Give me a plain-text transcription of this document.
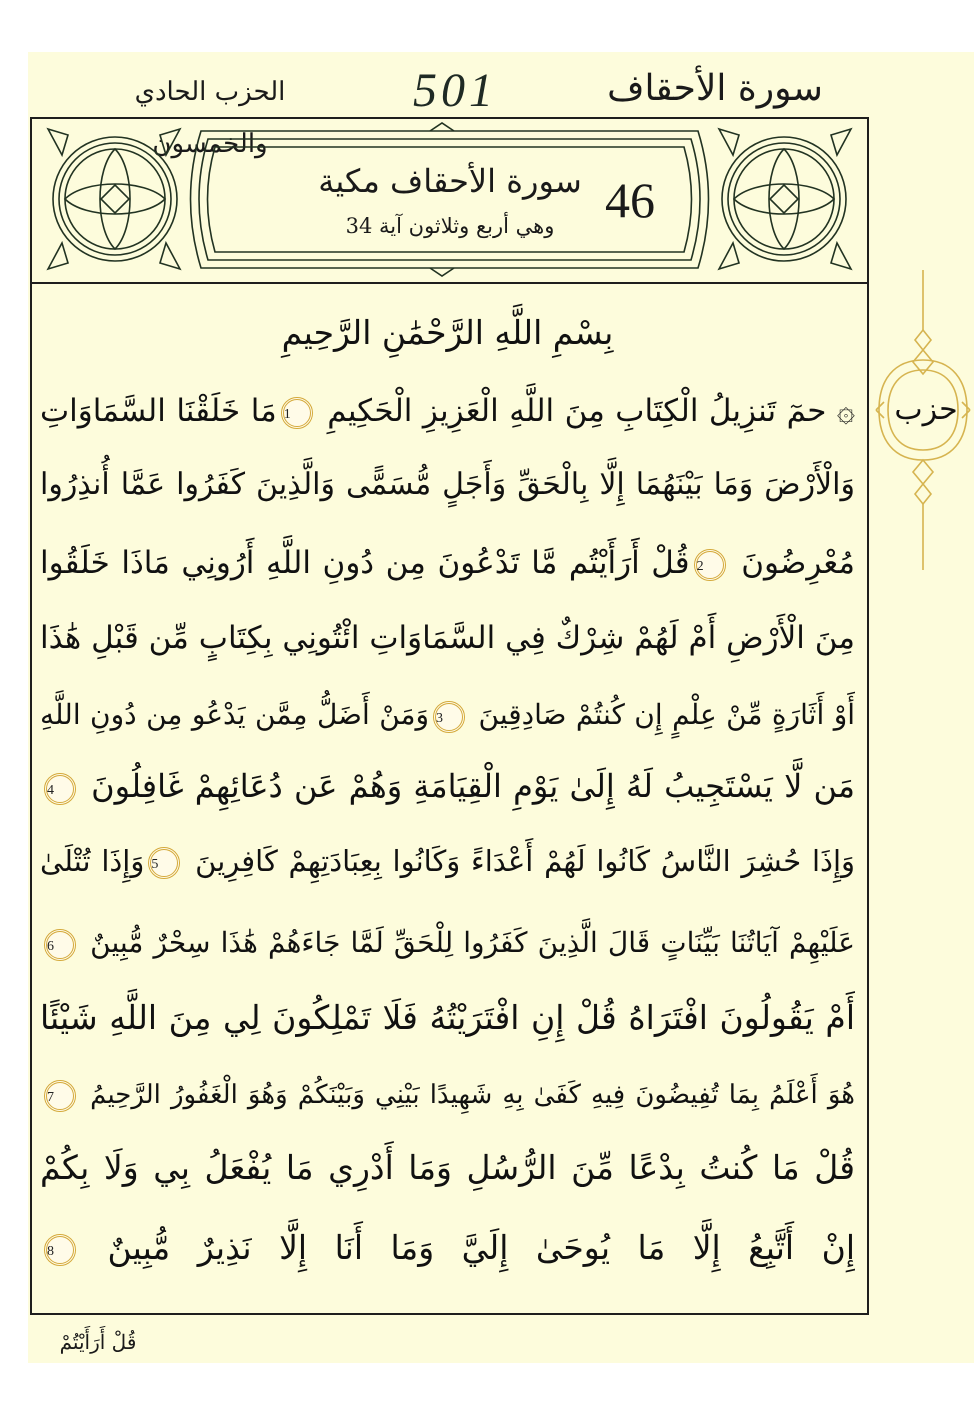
الحزب الحادي والخمسون
501	سورة الأحقاف
سورة الأحقاف مكية
وهي أربع وثلاثون آية 34	46
حزب
بِسْمِ اللَّهِ الرَّحْمَٰنِ الرَّحِيمِ
۞ حمٓ تَنزِيلُ الْكِتَابِ مِنَ اللَّهِ الْعَزِيزِ الْحَكِيمِ 1مَا خَلَقْنَا السَّمَاوَاتِ
وَالْأَرْضَ وَمَا بَيْنَهُمَا إِلَّا بِالْحَقِّ وَأَجَلٍ مُّسَمًّى وَالَّذِينَ كَفَرُوا عَمَّا أُنذِرُوا
مُعْرِضُونَ 2قُلْ أَرَأَيْتُم مَّا تَدْعُونَ مِن دُونِ اللَّهِ أَرُونِي مَاذَا خَلَقُوا
مِنَ الْأَرْضِ أَمْ لَهُمْ شِرْكٌ فِي السَّمَاوَاتِ ائْتُونِي بِكِتَابٍ مِّن قَبْلِ هَٰذَا
أَوْ أَثَارَةٍ مِّنْ عِلْمٍ إِن كُنتُمْ صَادِقِينَ 3وَمَنْ أَضَلُّ مِمَّن يَدْعُو مِن دُونِ اللَّهِ
مَن لَّا يَسْتَجِيبُ لَهُ إِلَىٰ يَوْمِ الْقِيَامَةِ وَهُمْ عَن دُعَائِهِمْ غَافِلُونَ 4
وَإِذَا حُشِرَ النَّاسُ كَانُوا لَهُمْ أَعْدَاءً وَكَانُوا بِعِبَادَتِهِمْ كَافِرِينَ 5وَإِذَا تُتْلَىٰ
عَلَيْهِمْ آيَاتُنَا بَيِّنَاتٍ قَالَ الَّذِينَ كَفَرُوا لِلْحَقِّ لَمَّا جَاءَهُمْ هَٰذَا سِحْرٌ مُّبِينٌ 6
أَمْ يَقُولُونَ افْتَرَاهُ قُلْ إِنِ افْتَرَيْتُهُ فَلَا تَمْلِكُونَ لِي مِنَ اللَّهِ شَيْئًا
هُوَ أَعْلَمُ بِمَا تُفِيضُونَ فِيهِ كَفَىٰ بِهِ شَهِيدًا بَيْنِي وَبَيْنَكُمْ وَهُوَ الْغَفُورُ الرَّحِيمُ 7
قُلْ مَا كُنتُ بِدْعًا مِّنَ الرُّسُلِ وَمَا أَدْرِي مَا يُفْعَلُ بِي وَلَا بِكُمْ
إِنْ أَتَّبِعُ إِلَّا مَا يُوحَىٰ إِلَيَّ وَمَا أَنَا إِلَّا نَذِيرٌ مُّبِينٌ 8
قُلْ أَرَأَيْتُمْ
